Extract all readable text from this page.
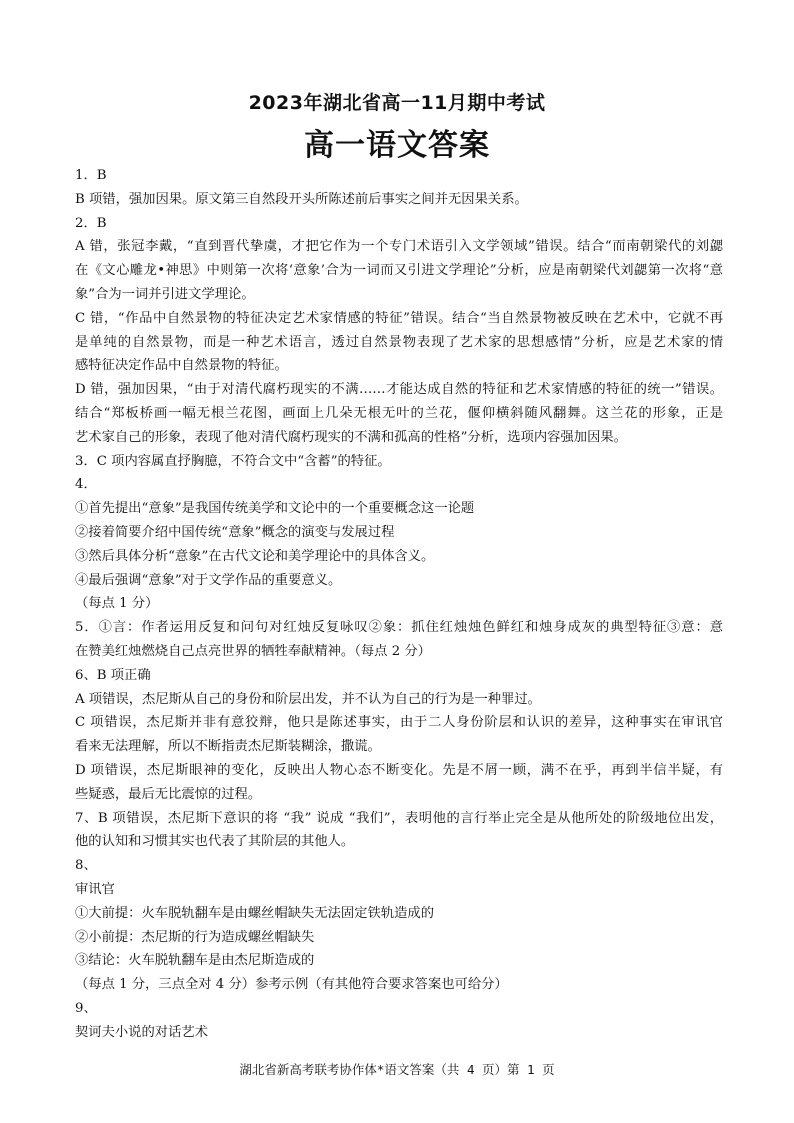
2023年湖北省高一11月期中考试
高一语文答案
1．B
B 项错，强加因果。原文第三自然段开头所陈述前后事实之间并无因果关系。
2．B
A 错，张冠李戴，“直到晋代挚虞，才把它作为一个专门术语引入文学领域”错误。结合“而南朝梁代的刘勰
在《文心雕龙•神思》中则第一次将‘意象’合为一词而又引进文学理论”分析，应是南朝梁代刘勰第一次将“意
象”合为一词并引进文学理论。
C 错，“作品中自然景物的特征决定艺术家情感的特征”错误。结合“当自然景物被反映在艺术中，它就不再
是单纯的自然景物，而是一种艺术语言，透过自然景物表现了艺术家的思想感情”分析，应是艺术家的情
感特征决定作品中自然景物的特征。
D 错，强加因果，“由于对清代腐朽现实的不满……才能达成自然的特征和艺术家情感的特征的统一”错误。
结合“郑板桥画一幅无根兰花图，画面上几朵无根无叶的兰花，偃仰横斜随风翻舞。这兰花的形象，正是
艺术家自己的形象，表现了他对清代腐朽现实的不满和孤高的性格”分析，选项内容强加因果。
3．C 项内容属直抒胸臆，不符合文中“含蓄”的特征。
4．
①首先提出“意象”是我国传统美学和文论中的一个重要概念这一论题
②接着简要介绍中国传统“意象”概念的演变与发展过程
③然后具体分析“意象”在古代文论和美学理论中的具体含义。
④最后强调“意象”对于文学作品的重要意义。
（每点 1 分）
5．①言：作者运用反复和问句对红烛反复咏叹②象：抓住红烛烛色鲜红和烛身成灰的典型特征③意：意
在赞美红烛燃烧自己点亮世界的牺牲奉献精神。（每点 2 分）
6、B 项正确
A 项错误，杰尼斯从自己的身份和阶层出发，并不认为自己的行为是一种罪过。
C 项错误，杰尼斯并非有意狡辩，他只是陈述事实，由于二人身份阶层和认识的差异，这种事实在审讯官
看来无法理解，所以不断指责杰尼斯装糊涂，撒谎。
D 项错误，杰尼斯眼神的变化，反映出人物心态不断变化。先是不屑一顾，满不在乎，再到半信半疑，有
些疑惑，最后无比震惊的过程。
7、B 项错误，杰尼斯下意识的将 “我” 说成 “我们”，表明他的言行举止完全是从他所处的阶级地位出发，
他的认知和习惯其实也代表了其阶层的其他人。
8、
审讯官
①大前提：火车脱轨翻车是由螺丝帽缺失无法固定铁轨造成的
②小前提：杰尼斯的行为造成螺丝帽缺失
③结论：火车脱轨翻车是由杰尼斯造成的
（每点 1 分，三点全对 4 分）参考示例（有其他符合要求答案也可给分）
9、
契诃夫小说的对话艺术
湖北省新高考联考协作体*语文答案（共 4 页）第 1 页
